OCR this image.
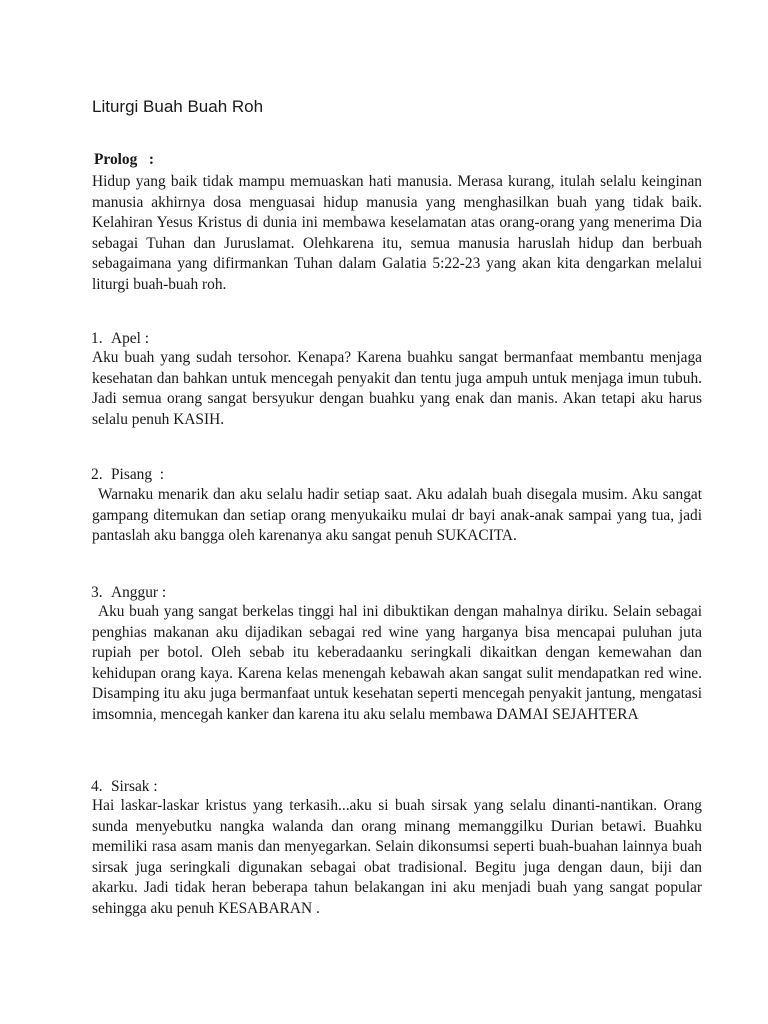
Liturgi Buah Buah Roh

Prolog   :

Hidup yang baik tidak mampu memuaskan hati manusia. Merasa kurang, itulah selalu keinginan manusia akhirnya dosa menguasai hidup manusia yang menghasilkan buah yang tidak baik. Kelahiran Yesus Kristus di dunia ini membawa keselamatan atas orang-orang yang menerima Dia sebagai Tuhan dan Juruslamat. Olehkarena itu, semua manusia haruslah hidup dan berbuah sebagaimana yang difirmankan Tuhan dalam Galatia 5:22-23 yang akan kita dengarkan melalui liturgi buah-buah roh.

1. Apel :

Aku buah yang sudah tersohor. Kenapa? Karena buahku sangat bermanfaat membantu menjaga kesehatan dan bahkan untuk mencegah penyakit dan tentu juga ampuh untuk menjaga imun tubuh. Jadi semua orang sangat bersyukur dengan buahku yang enak dan manis. Akan tetapi aku harus selalu penuh KASIH.

2. Pisang  :

Warnaku menarik dan aku selalu hadir setiap saat. Aku adalah buah disegala musim. Aku sangat gampang ditemukan dan setiap orang menyukaiku mulai dr bayi anak-anak sampai yang tua, jadi pantaslah aku bangga oleh karenanya aku sangat penuh SUKACITA.

3. Anggur :

Aku buah yang sangat berkelas tinggi hal ini dibuktikan dengan mahalnya diriku. Selain sebagai penghias makanan aku dijadikan sebagai red wine yang harganya bisa mencapai puluhan juta rupiah per botol. Oleh sebab itu keberadaanku seringkali dikaitkan dengan kemewahan dan kehidupan orang kaya. Karena kelas menengah kebawah akan sangat sulit mendapatkan red wine. Disamping itu aku juga bermanfaat untuk kesehatan seperti mencegah penyakit jantung, mengatasi imsomnia, mencegah kanker dan karena itu aku selalu membawa DAMAI SEJAHTERA

4. Sirsak :

Hai laskar-laskar kristus yang terkasih...aku si buah sirsak yang selalu dinanti-nantikan. Orang sunda menyebutku nangka walanda dan orang minang memanggilku Durian betawi. Buahku memiliki rasa asam manis dan menyegarkan. Selain dikonsumsi seperti buah-buahan lainnya buah sirsak juga seringkali digunakan sebagai obat tradisional. Begitu juga dengan daun, biji dan akarku. Jadi tidak heran beberapa tahun belakangan ini aku menjadi buah yang sangat popular sehingga aku penuh KESABARAN .
